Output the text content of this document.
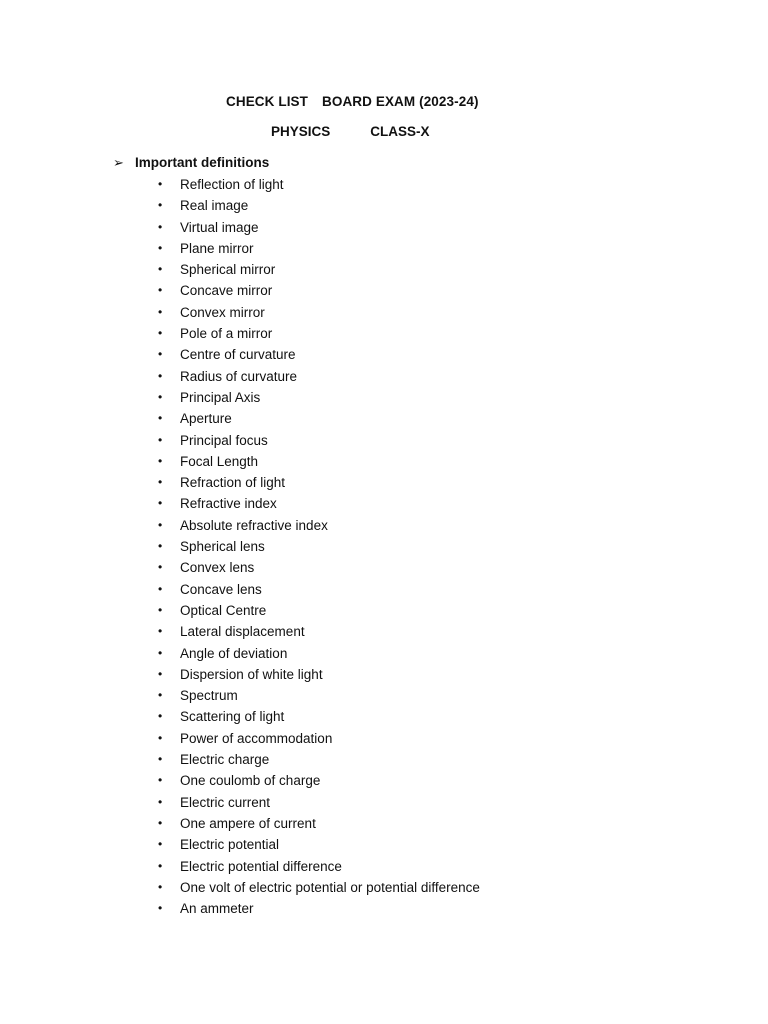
CHECK LIST BOARD EXAM (2023-24)
PHYSICS	CLASS-X
➢ Important definitions
•	Reflection of light
•	Real image
•	Virtual image
•	Plane mirror
•	Spherical mirror
•	Concave mirror
•	Convex mirror
•	Pole of a mirror
•	Centre of curvature
•	Radius of curvature
•	Principal Axis
•	Aperture
•	Principal focus
•	Focal Length
•	Refraction of light
•	Refractive index
•	Absolute refractive index
•	Spherical lens
•	Convex lens
•	Concave lens
•	Optical Centre
•	Lateral displacement
•	Angle of deviation
•	Dispersion of white light
•	Spectrum
•	Scattering of light
•	Power of accommodation
•	Electric charge
•	One coulomb of charge
•	Electric current
•	One ampere of current
•	Electric potential
•	Electric potential difference
•	One volt of electric potential or potential difference
•	An ammeter
